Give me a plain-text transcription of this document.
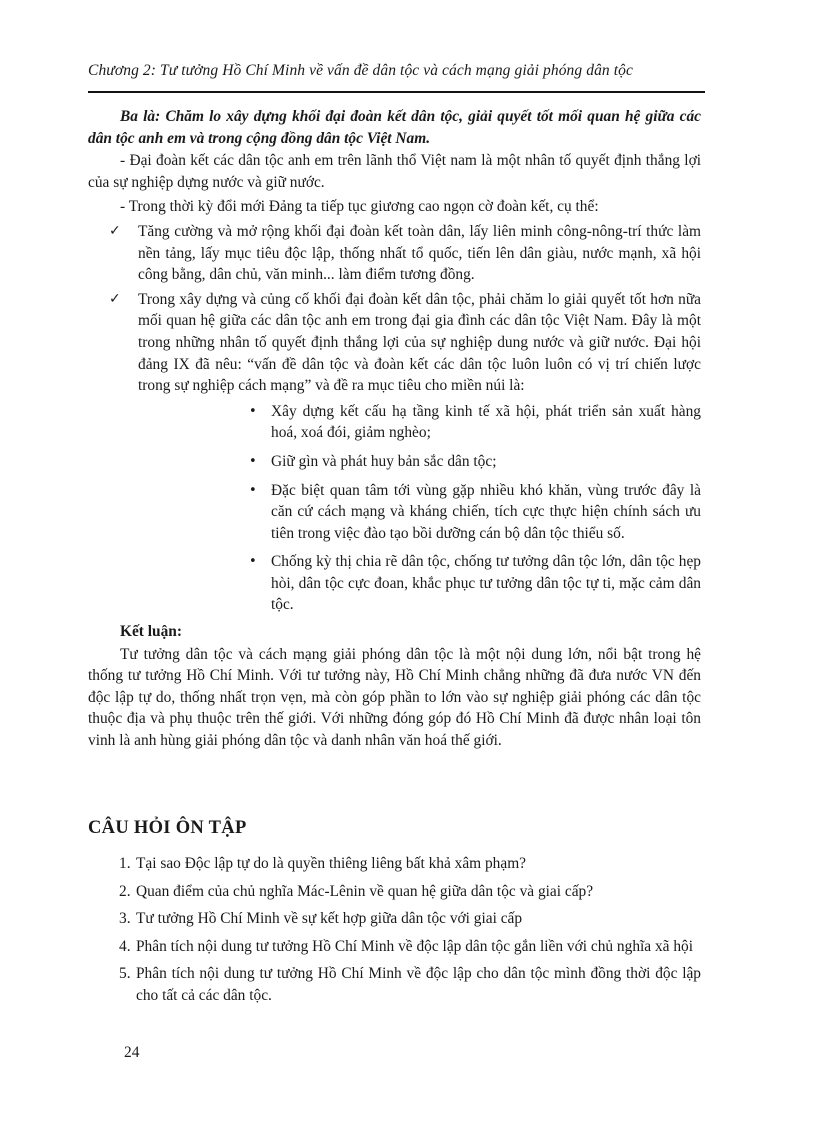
Chương 2: Tư tưởng Hồ Chí Minh về vấn đề dân tộc và cách mạng giải phóng dân tộc

Ba là: Chăm lo xây dựng khối đại đoàn kết dân tộc, giải quyết tốt mối quan hệ giữa các dân tộc anh em và trong cộng đồng dân tộc Việt Nam.

- Đại đoàn kết các dân tộc anh em trên lãnh thổ Việt nam là một nhân tố quyết định thắng lợi của sự nghiệp dựng nước và giữ nước.

- Trong thời kỳ đổi mới Đảng ta tiếp tục giương cao ngọn cờ đoàn kết, cụ thể:

✓ Tăng cường và mở rộng khối đại đoàn kết toàn dân, lấy liên minh công-nông-trí thức làm nền tảng, lấy mục tiêu độc lập, thống nhất tổ quốc, tiến lên dân giàu, nước mạnh, xã hội công bằng, dân chủ, văn minh... làm điểm tương đồng.
✓ Trong xây dựng và củng cố khối đại đoàn kết dân tộc, phải chăm lo giải quyết tốt hơn nữa mối quan hệ giữa các dân tộc anh em trong đại gia đình các dân tộc Việt Nam. Đây là một trong những nhân tố quyết định thắng lợi của sự nghiệp dung nước và giữ nước. Đại hội đảng IX đã nêu: “vấn đề dân tộc và đoàn kết các dân tộc luôn luôn có vị trí chiến lược trong sự nghiệp cách mạng” và đề ra mục tiêu cho miền núi là:
• Xây dựng kết cấu hạ tầng kinh tế xã hội, phát triển sản xuất hàng hoá, xoá đói, giảm nghèo;
• Giữ gìn và phát huy bản sắc dân tộc;
• Đặc biệt quan tâm tới vùng gặp nhiều khó khăn, vùng trước đây là căn cứ cách mạng và kháng chiến, tích cực thực hiện chính sách ưu tiên trong việc đào tạo bồi dưỡng cán bộ dân tộc thiểu số.
• Chống kỳ thị chia rẽ dân tộc, chống tư tưởng dân tộc lớn, dân tộc hẹp hòi, dân tộc cực đoan, khắc phục tư tưởng dân tộc tự ti, mặc cảm dân tộc.

Kết luận:

Tư tưởng dân tộc và cách mạng giải phóng dân tộc là một nội dung lớn, nổi bật trong hệ thống tư tưởng Hồ Chí Minh. Với tư tưởng này, Hồ Chí Minh chẳng những đã đưa nước VN đến độc lập tự do, thống nhất trọn vẹn, mà còn góp phần to lớn vào sự nghiệp giải phóng các dân tộc thuộc địa và phụ thuộc trên thế giới. Với những đóng góp đó Hồ Chí Minh đã được nhân loại tôn vinh là anh hùng giải phóng dân tộc và danh nhân văn hoá thế giới.

CÂU HỎI ÔN TẬP
1. Tại sao Độc lập tự do là quyền thiêng liêng bất khả xâm phạm?
2. Quan điểm của chủ nghĩa Mác-Lênin về quan hệ giữa dân tộc và giai cấp?
3. Tư tưởng Hồ Chí Minh về sự kết hợp giữa dân tộc với giai cấp
4. Phân tích nội dung tư tưởng Hồ Chí Minh về độc lập dân tộc gắn liền với chủ nghĩa xã hội
5. Phân tích nội dung tư tưởng Hồ Chí Minh về độc lập cho dân tộc mình đồng thời độc lập cho tất cả các dân tộc.
24
